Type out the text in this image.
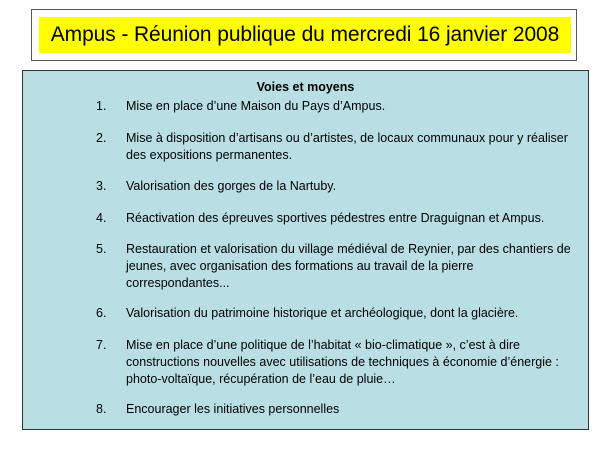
Ampus - Réunion publique du mercredi 16 janvier 2008
Voies et moyens
1. Mise en place d’une Maison du Pays d’Ampus.
2. Mise à disposition d’artisans ou d’artistes, de locaux communaux pour y réaliser des expositions permanentes.
3. Valorisation des gorges de la Nartuby.
4. Réactivation des épreuves sportives pédestres entre Draguignan et Ampus.
5. Restauration et valorisation du village médiéval de Reynier, par des chantiers de jeunes, avec organisation des formations au travail de la pierre correspondantes...
6. Valorisation du patrimoine historique et archéologique, dont la glacière.
7. Mise en place d’une politique de l’habitat « bio-climatique », c’est à dire constructions nouvelles avec utilisations de techniques à économie d’énergie : photo-voltaïque, récupération de l’eau de pluie…
8. Encourager les initiatives personnelles
